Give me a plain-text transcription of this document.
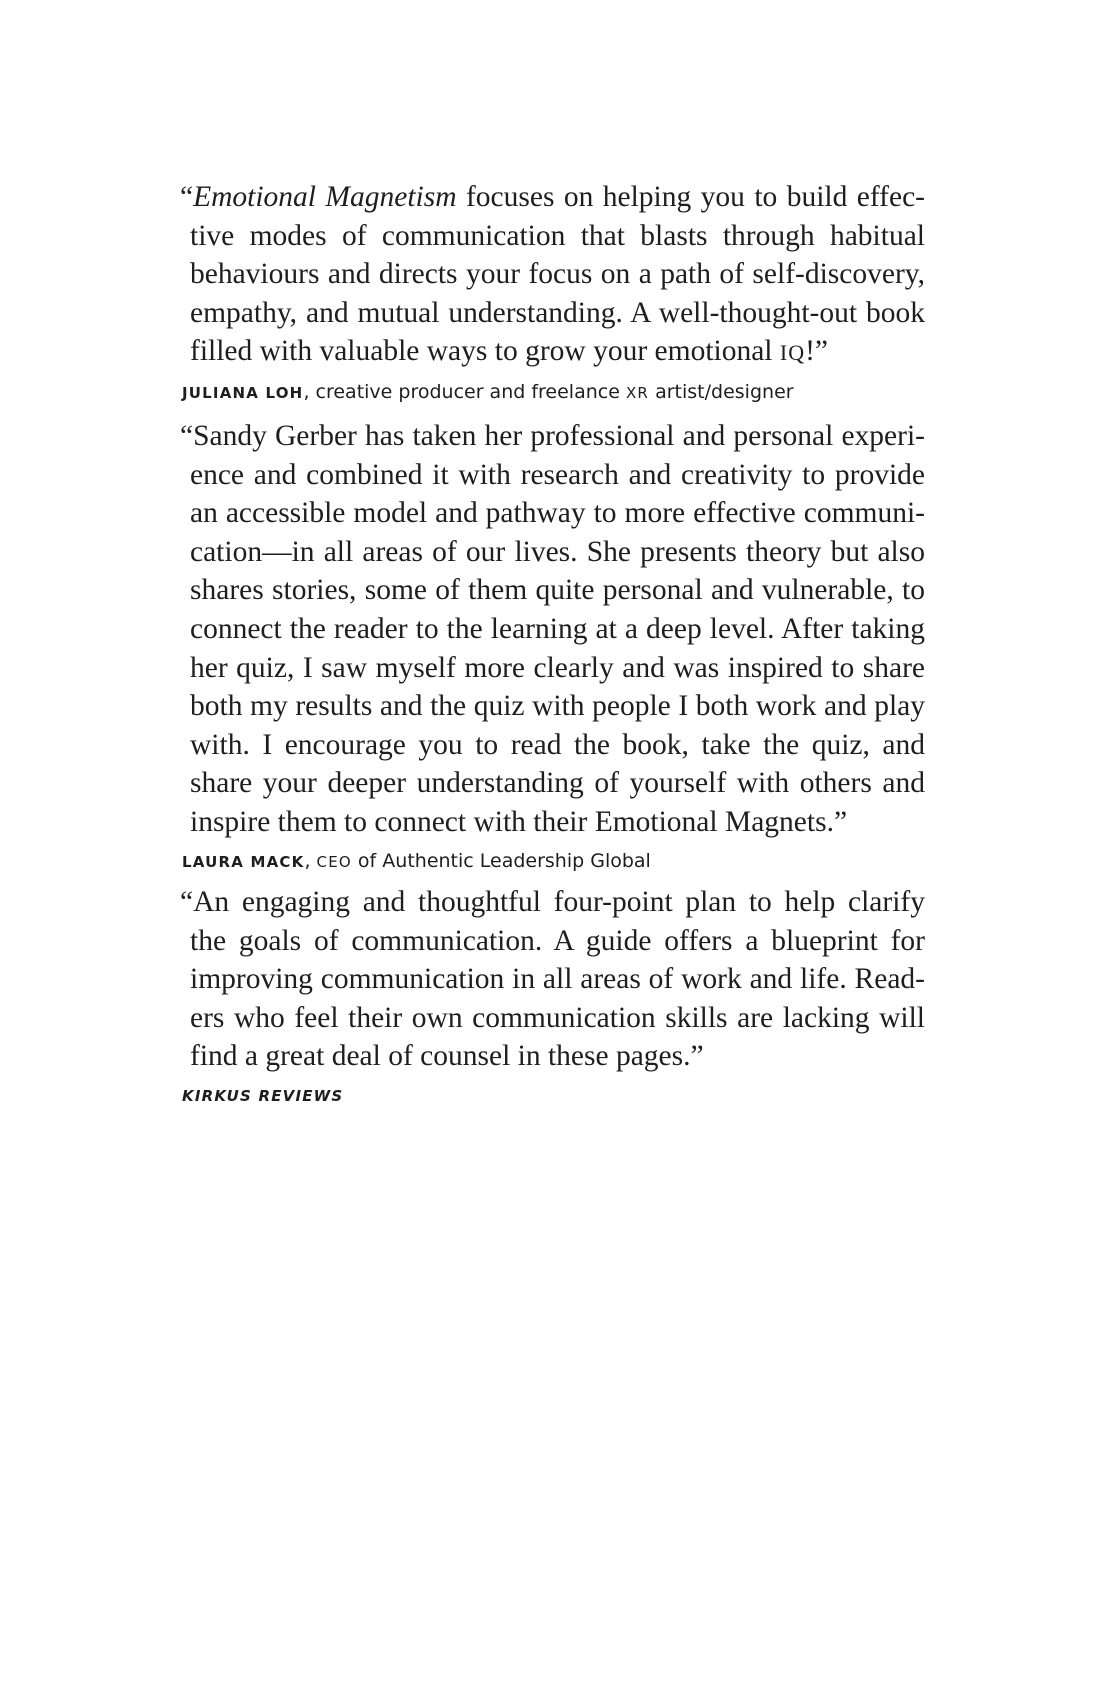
“Emotional Magnetism focuses on helping you to build effective modes of communication that blasts through habitual behaviours and directs your focus on a path of self-discovery, empathy, and mutual understanding. A well-thought-out book filled with valuable ways to grow your emotional IQ!”

JULIANA LOH, creative producer and freelance XR artist/designer

“Sandy Gerber has taken her professional and personal experience and combined it with research and creativity to provide an accessible model and pathway to more effective communication—in all areas of our lives. She presents theory but also shares stories, some of them quite personal and vulnerable, to connect the reader to the learning at a deep level. After taking her quiz, I saw myself more clearly and was inspired to share both my results and the quiz with people I both work and play with. I encourage you to read the book, take the quiz, and share your deeper understanding of yourself with others and inspire them to connect with their Emotional Magnets.”

LAURA MACK, CEO of Authentic Leadership Global

“An engaging and thoughtful four-point plan to help clarify the goals of communication. A guide offers a blueprint for improving communication in all areas of work and life. Readers who feel their own communication skills are lacking will find a great deal of counsel in these pages.”

KIRKUS REVIEWS
